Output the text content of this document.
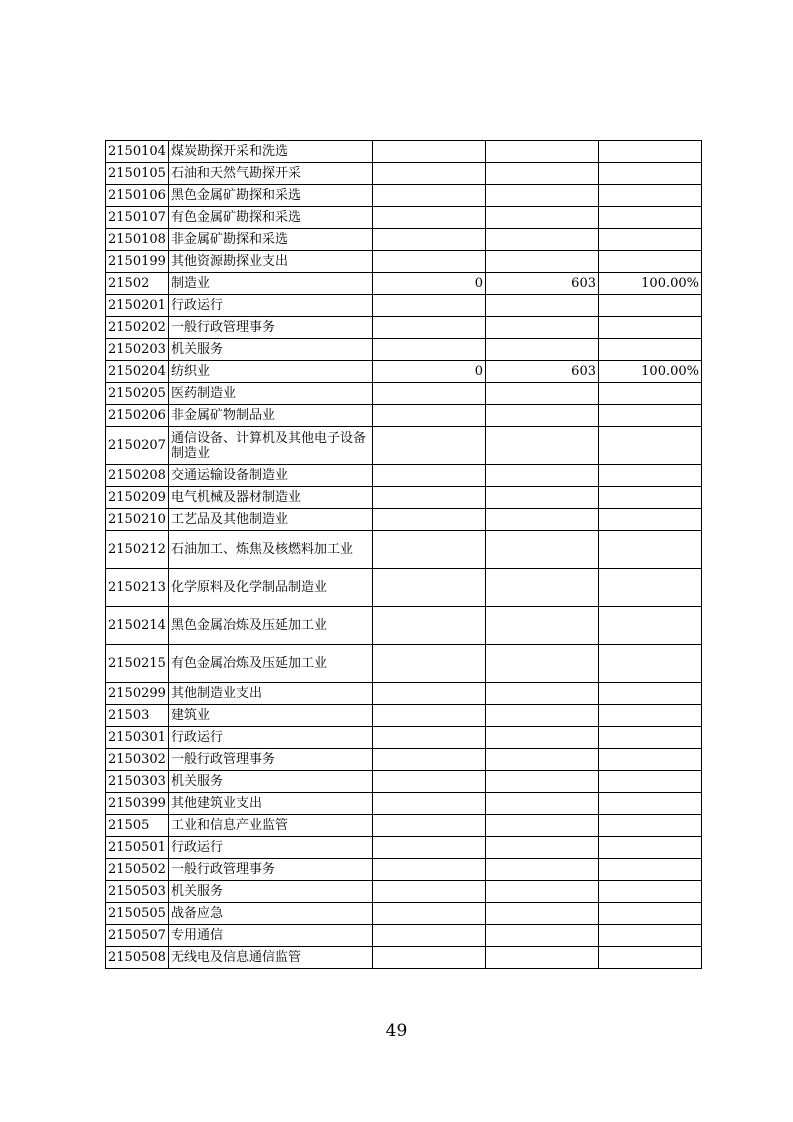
2150104	煤炭勘探开采和洗选			
2150105	石油和天然气勘探开采			
2150106	黑色金属矿勘探和采选			
2150107	有色金属矿勘探和采选			
2150108	非金属矿勘探和采选			
2150199	其他资源勘探业支出			
21502	制造业	0	603	100.00%
2150201	行政运行			
2150202	一般行政管理事务			
2150203	机关服务			
2150204	纺织业	0	603	100.00%
2150205	医药制造业			
2150206	非金属矿物制品业			
2150207	通信设备、计算机及其他电子设备制造业			
2150208	交通运输设备制造业			
2150209	电气机械及器材制造业			
2150210	工艺品及其他制造业			
2150212	石油加工、炼焦及核燃料加工业			
2150213	化学原料及化学制品制造业			
2150214	黑色金属冶炼及压延加工业			
2150215	有色金属冶炼及压延加工业			
2150299	其他制造业支出			
21503	建筑业			
2150301	行政运行			
2150302	一般行政管理事务			
2150303	机关服务			
2150399	其他建筑业支出			
21505	工业和信息产业监管			
2150501	行政运行			
2150502	一般行政管理事务			
2150503	机关服务			
2150505	战备应急			
2150507	专用通信			
2150508	无线电及信息通信监管			
49
